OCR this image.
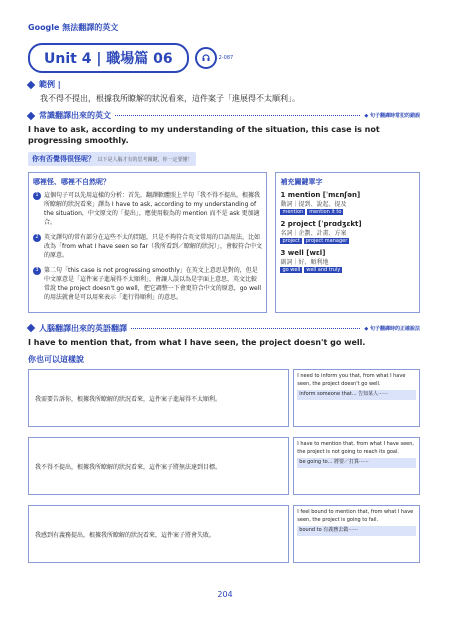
Google 無法翻譯的英文
Unit 4 | 職場篇 06	2-087
範例 |
我不得不提出，根據我所瞭解的狀況看來，這件案子「進展得不太順利」。
常識翻譯出來的英文	◆ 句子翻譯時常犯的錯誤
I have to ask, according to my understanding of the situation, this case is not progressing smoothly.
你有否覺得很怪呢？ 以下是人腦才有的思考關鍵，你一定要懂！
哪裡怪、哪裡不自然呢？
1 這個句子可以先用這樣的分析：首先，翻譯軟體照上半句「我不得不提出，根據我所瞭解的狀況看來」譯為 I have to ask, according to my understanding of the situation，中文原文的「提出」，應使用較為的 mention 而不是 ask 更加適合。
2 英文譯句的常有部分在這些不太的問題，只是不夠符合英文常用的口語用法，比如改為「from what I have seen so far（我所看到／瞭解的狀況）」，會較符合中文的原意。
3 第二句「this case is not progressing smoothly」在英文上意思是對的，但是中文原意是「這件案子進展得不太順利」，會讓人誤以為是字面上意思，英文比較常說 the project doesn't go well，把它調整一下會更符合中文的原意，go well 的用法就會是可以用來表示「進行得順利」的意思。
補充關鍵單字
1 mention [ˈmɛnʃən]
動詞｜提到、說起、提及
mention mention it to
2 project [ˈprɑdʒɛkt]
名詞｜企劃、計畫、方案
project project manager
3 well [wɛl]
副詞｜好、順利地
go well well and truly
人腦翻譯出來的英語翻譯	◆ 句子翻譯時的正確說法
I have to mention that, from what I have seen, the project doesn't go well.
你也可以這樣說
我需要告訴你，根據我所瞭解的狀況看來，這件案子進展得不太順利。
I need to inform you that, from what I have seen, the project doesn't go well.
inform someone that... 告知某人⋯⋯
我不得不提出，根據我所瞭解的狀況看來，這件案子將無法達到目標。
I have to mention that, from what I have seen, the project is not going to reach its goal.
be going to... 將要／打算⋯⋯
我感到有義務提出，根據我所瞭解的狀況看來，這件案子將會失敗。
I feel bound to mention that, from what I have seen, the project is going to fail.
bound to 有義務去做⋯⋯
204
